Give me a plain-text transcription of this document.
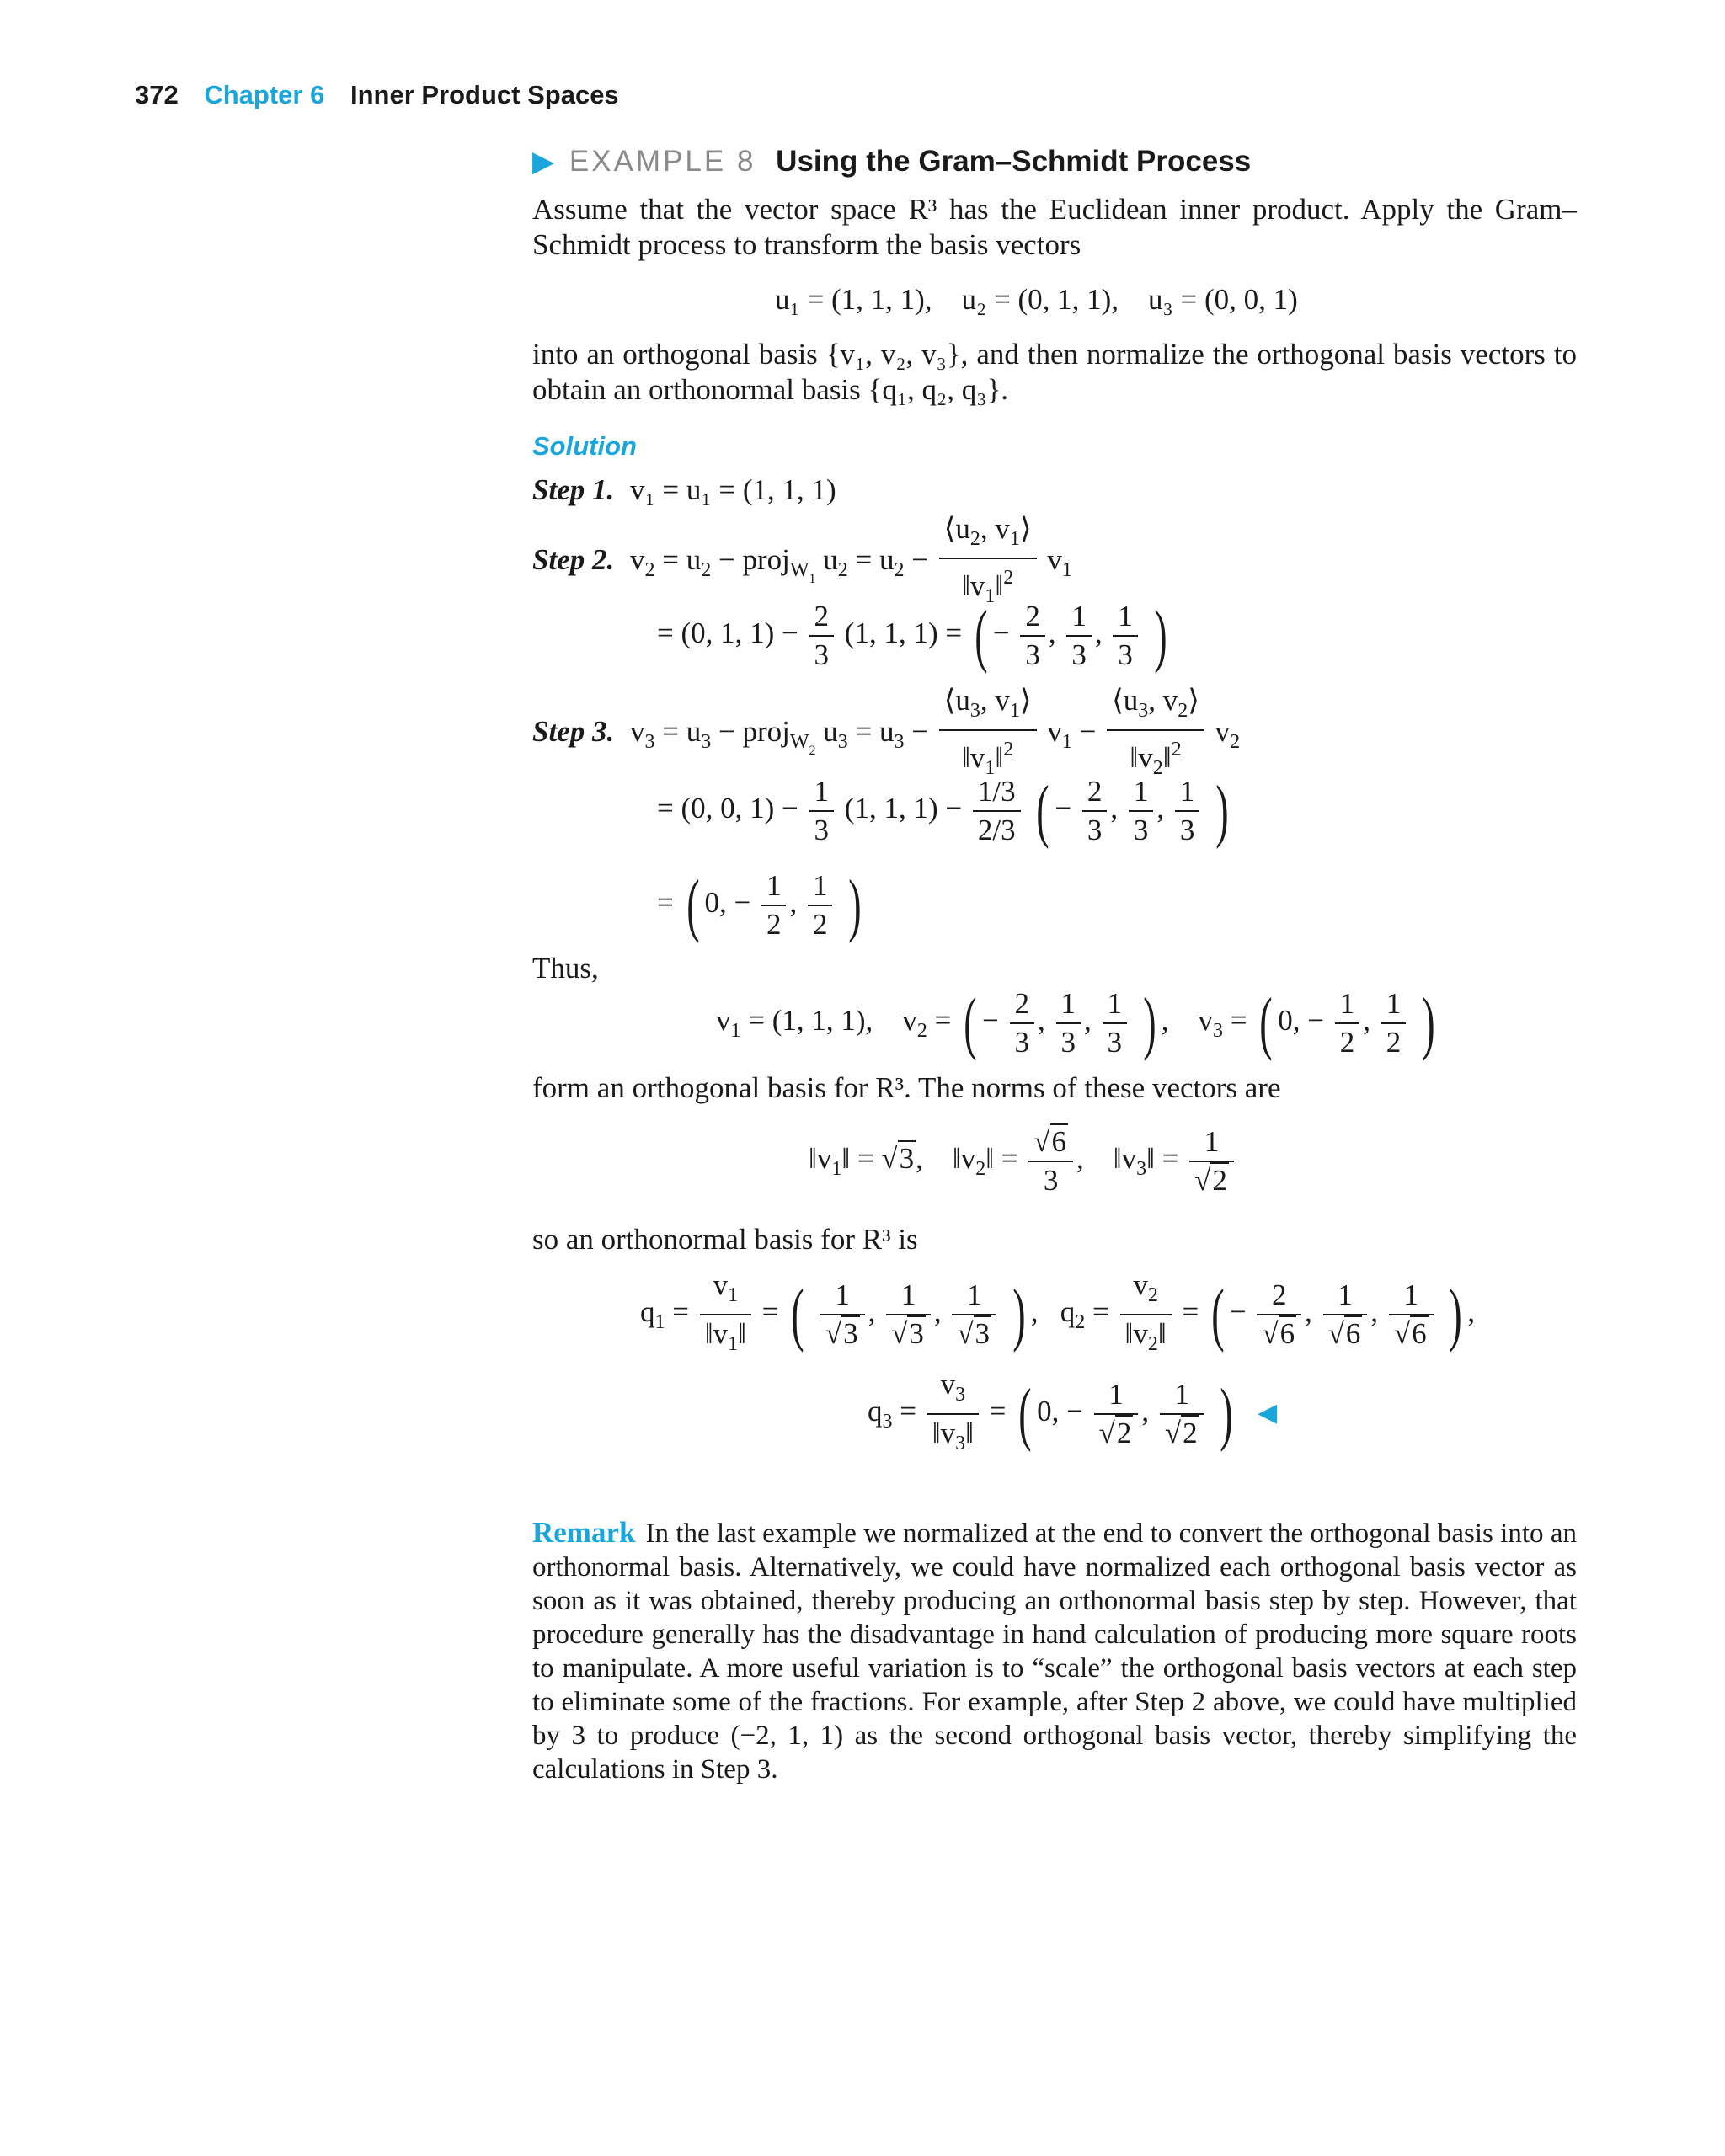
372 Chapter 6 Inner Product Spaces
▶ EXAMPLE 8 Using the Gram–Schmidt Process
Assume that the vector space R³ has the Euclidean inner product. Apply the Gram–Schmidt process to transform the basis vectors
u₁ = (1, 1, 1),    u₂ = (0, 1, 1),    u₃ = (0, 0, 1)
into an orthogonal basis {v₁, v₂, v₃}, and then normalize the orthogonal basis vectors to obtain an orthonormal basis {q₁, q₂, q₃}.
Solution
Step 1. v₁ = u₁ = (1, 1, 1)
Step 2. $v_2 = u_2$ − proj$_{W_1}$ $u_2 = u_2 - \frac{⟨u_2, v_1⟩}{‖v_1‖^2} v_1$
= (0, 1, $1) - \frac{2}{3} (1$, 1, 1) = ( − $\frac{2}{3}$ , $\frac{1}{3}$ , $\frac{1}{3}$ )
Step 3. $v_3 = u_3$ − proj$_{W_2}$ $u_3 = u_3 - \frac{⟨u_3, v_1⟩}{‖v_1‖^2} v_1 - \frac{⟨u_3, v_2⟩}{‖v_2‖^2} v_2$
= (0, 0, $1) - \frac{1}{3} (1$, 1, $1) - \frac{1/3}{2/3}$ ( − $\frac{2}{3}$ , $\frac{1}{3}$ , $\frac{1}{3}$ )
= ( 0, − $\frac{1}{2}$ , $\frac{1}{2}$ )
Thus,
$v_1 = (1$, 1, 1),    $v_2$ = ( − $\frac{2}{3}$ , $\frac{1}{3}$ , $\frac{1}{3}$ ) ,    $v_3$ = ( 0, − $\frac{1}{2}$ , $\frac{1}{2}$ )
form an orthogonal basis for R³. The norms of these vectors are
$‖v_1‖ = √3$,    $‖v_2‖ = \frac{√6}{3}$ ,    $‖v_3‖ = \frac{1}{√2}$
so an orthonormal basis for R³ is
$q_1 = \frac{v_1}{‖v_1‖}$ = ( $\frac{1}{√3}$ , $\frac{1}{√3}$ , $\frac{1}{√3}$ ) ,   $q_2 = \frac{v_2}{‖v_2‖}$ = ( − $\frac{2}{√6}$ , $\frac{1}{√6}$ , $\frac{1}{√6}$ ) ,
$q_3 = \frac{v_3}{‖v_3‖}$ = ( 0, − $\frac{1}{√2}$ , $\frac{1}{√2}$ ) ◀
Remark In the last example we normalized at the end to convert the orthogonal basis into an orthonormal basis. Alternatively, we could have normalized each orthogonal basis vector as soon as it was obtained, thereby producing an orthonormal basis step by step. However, that procedure generally has the disadvantage in hand calculation of producing more square roots to manipulate. A more useful variation is to “scale” the orthogonal basis vectors at each step to eliminate some of the fractions. For example, after Step 2 above, we could have multiplied by 3 to produce (−2, 1, 1) as the second orthogonal basis vector, thereby simplifying the calculations in Step 3.
